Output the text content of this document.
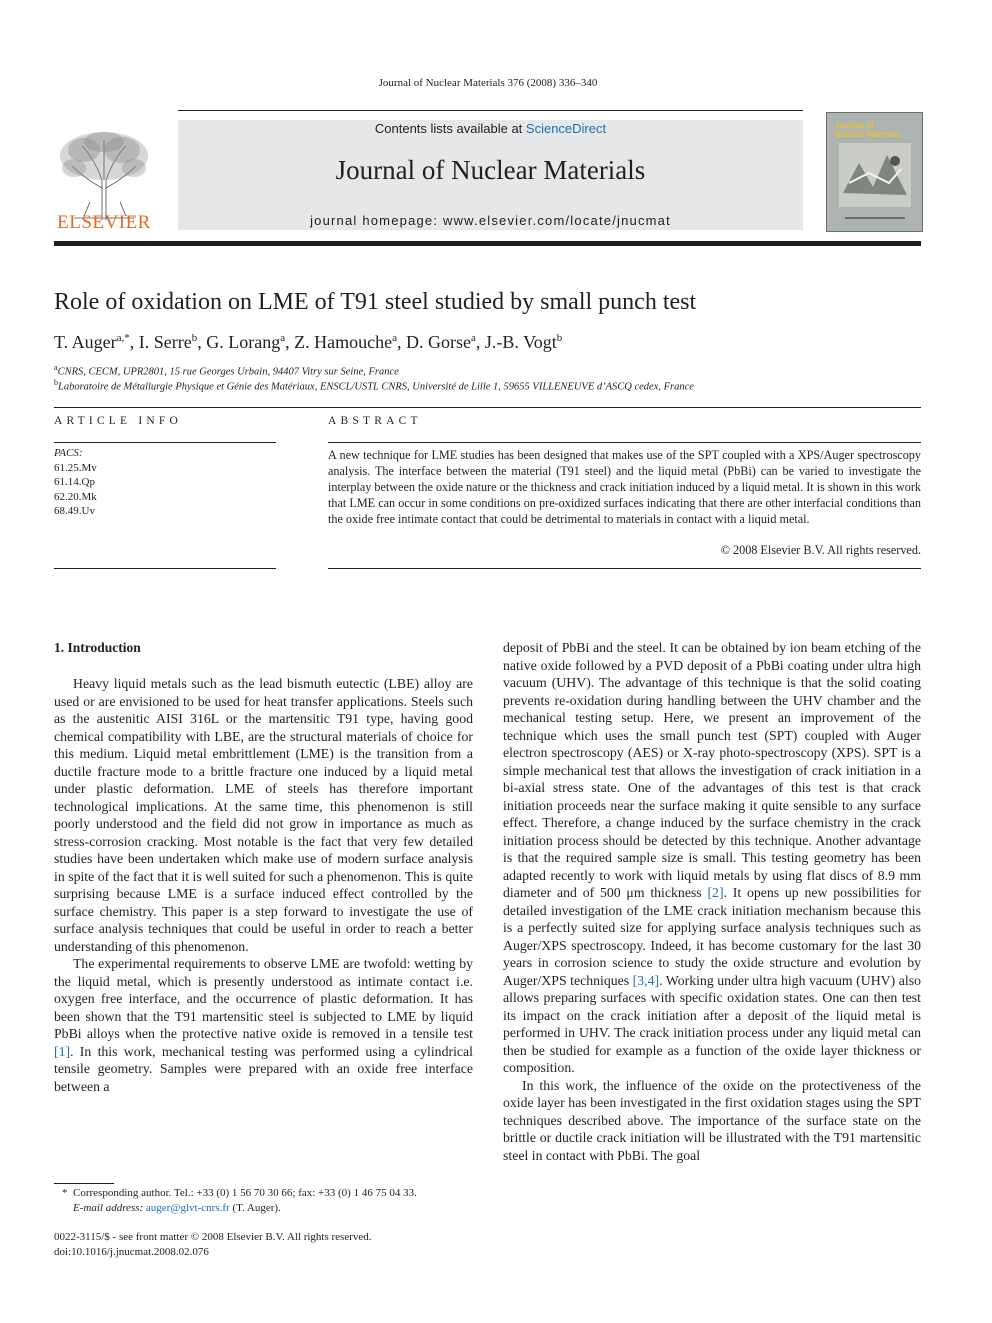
Journal of Nuclear Materials 376 (2008) 336–340
ELSEVIER
Contents lists available at ScienceDirect
Journal of Nuclear Materials
journal homepage: www.elsevier.com/locate/jnucmat
Journal of
Nuclear Materials
Role of oxidation on LME of T91 steel studied by small punch test
T. Auger$^{a,*}$, I. Serre$^b$, G. Lorang$^a$, Z. Hamouche$^a$, D. Gorse$^a$, J.-B. Vogt$^b$
$^a$CNRS, CECM, UPR2801, 15 rue Georges Urbain, 94407 Vitry sur Seine, France
$^b$Laboratoire de Métallurgie Physique et Génie des Matériaux, ENSCL/USTL CNRS, Université de Lille 1, 59655 VILLENEUVE d’ASCQ cedex, France
ARTICLE INFO
PACS:
61.25.Mv
61.14.Qp
62.20.Mk
68.49.Uv
ABSTRACT
A new technique for LME studies has been designed that makes use of the SPT coupled with a XPS/Auger spectroscopy analysis. The interface between the material (T91 steel) and the liquid metal (PbBi) can be varied to investigate the interplay between the oxide nature or the thickness and crack initiation induced by a liquid metal. It is shown in this work that LME can occur in some conditions on pre-oxidized surfaces indicating that there are other interfacial conditions than the oxide free intimate contact that could be detrimental to materials in contact with a liquid metal.
© 2008 Elsevier B.V. All rights reserved.
1. Introduction

Heavy liquid metals such as the lead bismuth eutectic (LBE) alloy are used or are envisioned to be used for heat transfer applications. Steels such as the austenitic AISI 316L or the martensitic T91 type, having good chemical compatibility with LBE, are the structural materials of choice for this medium. Liquid metal embrittlement (LME) is the transition from a ductile fracture mode to a brittle fracture one induced by a liquid metal under plastic deformation. LME of steels has therefore important technological implications. At the same time, this phenomenon is still poorly understood and the field did not grow in importance as much as stress-corrosion cracking. Most notable is the fact that very few detailed studies have been undertaken which make use of modern surface analysis in spite of the fact that it is well suited for such a phenomenon. This is quite surprising because LME is a surface induced effect controlled by the surface chemistry. This paper is a step forward to investigate the use of surface analysis techniques that could be useful in order to reach a better understanding of this phenomenon.

The experimental requirements to observe LME are twofold: wetting by the liquid metal, which is presently understood as intimate contact i.e. oxygen free interface, and the occurrence of plastic deformation. It has been shown that the T91 martensitic steel is subjected to LME by liquid PbBi alloys when the protective native oxide is removed in a tensile test [1]. In this work, mechanical testing was performed using a cylindrical tensile geometry. Samples were prepared with an oxide free interface between a

deposit of PbBi and the steel. It can be obtained by ion beam etching of the native oxide followed by a PVD deposit of a PbBi coating under ultra high vacuum (UHV). The advantage of this technique is that the solid coating prevents re-oxidation during handling between the UHV chamber and the mechanical testing setup. Here, we present an improvement of the technique which uses the small punch test (SPT) coupled with Auger electron spectroscopy (AES) or X-ray photo-spectroscopy (XPS). SPT is a simple mechanical test that allows the investigation of crack initiation in a bi-axial stress state. One of the advantages of this test is that crack initiation proceeds near the surface making it quite sensible to any surface effect. Therefore, a change induced by the surface chemistry in the crack initiation process should be detected by this technique. Another advantage is that the required sample size is small. This testing geometry has been adapted recently to work with liquid metals by using flat discs of 8.9 mm diameter and of 500 μm thickness [2]. It opens up new possibilities for detailed investigation of the LME crack initiation mechanism because this is a perfectly suited size for applying surface analysis techniques such as Auger/XPS spectroscopy. Indeed, it has become customary for the last 30 years in corrosion science to study the oxide structure and evolution by Auger/XPS techniques [3,4]. Working under ultra high vacuum (UHV) also allows preparing surfaces with specific oxidation states. One can then test its impact on the crack initiation after a deposit of the liquid metal is performed in UHV. The crack initiation process under any liquid metal can then be studied for example as a function of the oxide layer thickness or composition.

In this work, the influence of the oxide on the protectiveness of the oxide layer has been investigated in the first oxidation stages using the SPT techniques described above. The importance of the surface state on the brittle or ductile crack initiation will be illustrated with the T91 martensitic steel in contact with PbBi. The goal

* Corresponding author. Tel.: +33 (0) 1 56 70 30 66; fax: +33 (0) 1 46 75 04 33.
E-mail address: auger@glvt-cnrs.fr (T. Auger).
0022-3115/$ - see front matter © 2008 Elsevier B.V. All rights reserved.
doi:10.1016/j.jnucmat.2008.02.076
